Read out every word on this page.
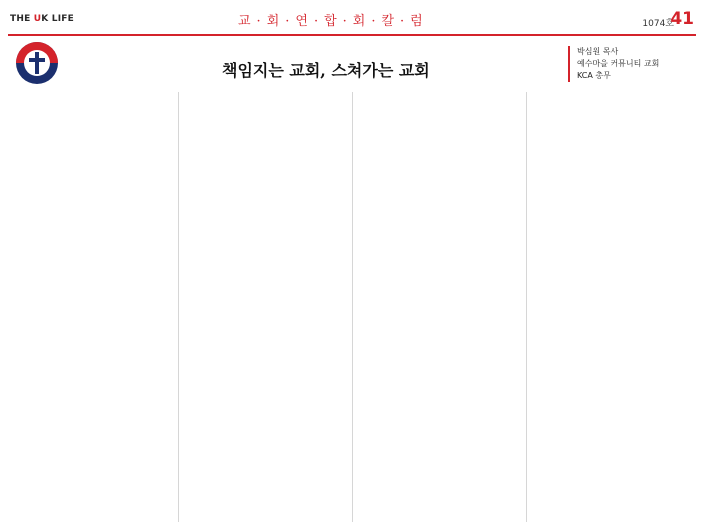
THE UK LIFE	교·회·연·합·회·칼·럼	1074호
41
책임지는 교회, 스쳐가는 교회
박심원 목사
예수마을 커뮤니티 교회
KCA 총무
